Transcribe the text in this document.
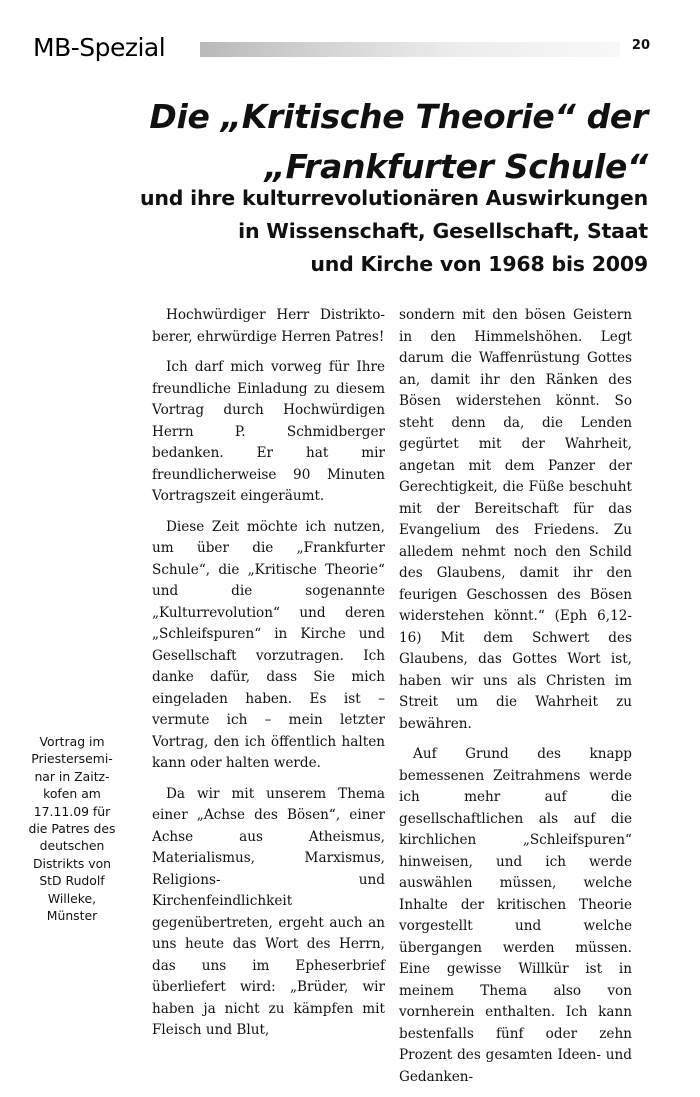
MB-Spezial	20
Die „Kritische Theorie“ der
„Frankfurter Schule“
und ihre kulturrevolutionären Auswirkungen
in Wissenschaft, Gesellschaft, Staat
und Kirche von 1968 bis 2009

Hochwürdiger Herr Distrikto-berer, ehrwürdige Herren Patres!

Ich darf mich vorweg für Ihre freundliche Einladung zu diesem Vortrag durch Hochwürdigen Herrn P. Schmidberger bedanken. Er hat mir freundlicherweise 90 Minuten Vortragszeit eingeräumt.

Diese Zeit möchte ich nutzen, um über die „Frankfurter Schule“, die „Kritische Theorie“ und die sogenannte „Kulturrevolution“ und deren „Schleifspuren“ in Kirche und Gesellschaft vorzutragen. Ich danke dafür, dass Sie mich eingeladen haben. Es ist – vermute ich – mein letzter Vortrag, den ich öffentlich halten kann oder halten werde.

Da wir mit unserem Thema einer „Achse des Bösen“, einer Achse aus Atheismus, Materialismus, Marxismus, Religions- und Kirchenfeindlichkeit gegenübertreten, ergeht auch an uns heute das Wort des Herrn, das uns im Epheserbrief überliefert wird: „Brüder, wir haben ja nicht zu kämpfen mit Fleisch und Blut,

sondern mit den bösen Geistern in den Himmelshöhen. Legt darum die Waffenrüstung Gottes an, damit ihr den Ränken des Bösen widerstehen könnt. So steht denn da, die Lenden gegürtet mit der Wahrheit, angetan mit dem Panzer der Gerechtigkeit, die Füße beschuht mit der Bereitschaft für das Evangelium des Friedens. Zu alledem nehmt noch den Schild des Glaubens, damit ihr den feurigen Geschossen des Bösen widerstehen könnt.“ (Eph 6,12-16) Mit dem Schwert des Glaubens, das Gottes Wort ist, haben wir uns als Christen im Streit um die Wahrheit zu bewähren.

Auf Grund des knapp bemessenen Zeitrahmens werde ich mehr auf die gesellschaftlichen als auf die kirchlichen „Schleifspuren“ hinweisen, und ich werde auswählen müssen, welche Inhalte der kritischen Theorie vorgestellt und welche übergangen werden müssen. Eine gewisse Willkür ist in meinem Thema also von vornherein enthalten. Ich kann bestenfalls fünf oder zehn Prozent des gesamten Ideen- und Gedanken-

Vortrag im
Priestersemi-
nar in Zaitz-
kofen am
17.11.09 für
die Patres des
deutschen
Distrikts von
StD Rudolf
Willeke,
Münster
